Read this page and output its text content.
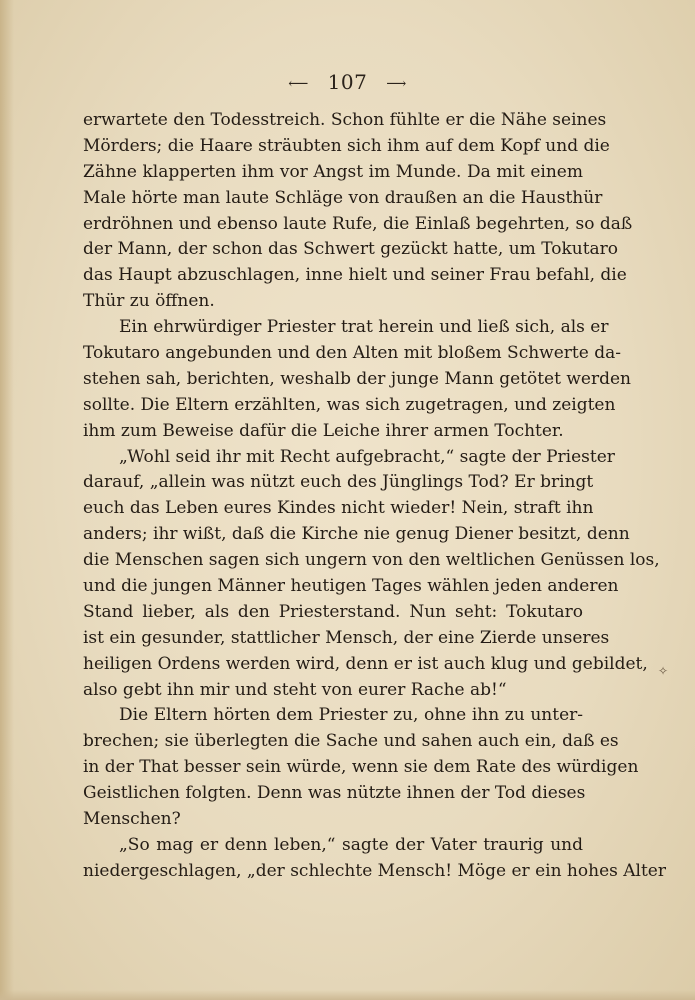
⟵ 107 ⟶
erwartete den Todesstreich. Schon fühlte er die Nähe seines
Mörders; die Haare sträubten sich ihm auf dem Kopf und die
Zähne klapperten ihm vor Angst im Munde. Da mit einem
Male hörte man laute Schläge von draußen an die Hausthür
erdröhnen und ebenso laute Rufe, die Einlaß begehrten, so daß
der Mann, der schon das Schwert gezückt hatte, um Tokutaro
das Haupt abzuschlagen, inne hielt und seiner Frau befahl, die
Thür zu öffnen.
Ein ehrwürdiger Priester trat herein und ließ sich, als er
Tokutaro angebunden und den Alten mit bloßem Schwerte da-
stehen sah, berichten, weshalb der junge Mann getötet werden
sollte. Die Eltern erzählten, was sich zugetragen, und zeigten
ihm zum Beweise dafür die Leiche ihrer armen Tochter.
„Wohl seid ihr mit Recht aufgebracht,“ sagte der Priester
darauf, „allein was nützt euch des Jünglings Tod? Er bringt
euch das Leben eures Kindes nicht wieder! Nein, straft ihn
anders; ihr wißt, daß die Kirche nie genug Diener besitzt, denn
die Menschen sagen sich ungern von den weltlichen Genüssen los,
und die jungen Männer heutigen Tages wählen jeden anderen
Stand lieber, als den Priesterstand. Nun seht: Tokutaro
ist ein gesunder, stattlicher Mensch, der eine Zierde unseres
heiligen Ordens werden wird, denn er ist auch klug und gebildet,
also gebt ihn mir und steht von eurer Rache ab!“
Die Eltern hörten dem Priester zu, ohne ihn zu unter-
brechen; sie überlegten die Sache und sahen auch ein, daß es
in der That besser sein würde, wenn sie dem Rate des würdigen
Geistlichen folgten. Denn was nützte ihnen der Tod dieses
Menschen?
„So mag er denn leben,“ sagte der Vater traurig und
niedergeschlagen, „der schlechte Mensch! Möge er ein hohes Alter
✧
